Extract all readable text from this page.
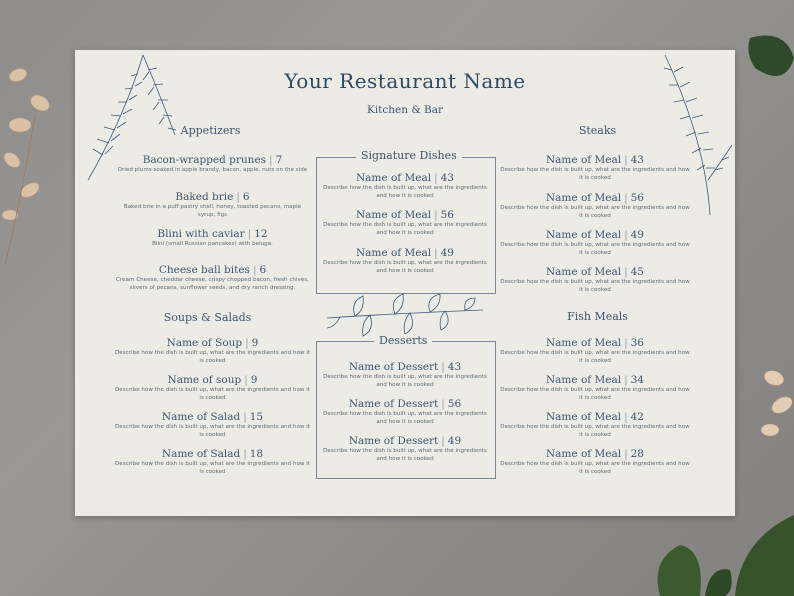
Your Restaurant Name
Kitchen & Bar
Appetizers
Bacon-wrapped prunes | 7
Dried plums soaked in apple brandy, bacon, apple, nuts on the side
Baked brie | 6
Baked brie in a puff pastry shell, honey, toasted pecans, maple syrup, figs
Blini with caviar | 12
Blini (small Russian pancakes) with beluga.
Cheese ball bites | 6
Cream Cheese, cheddar cheese, crispy chopped bacon, fresh chives, slivers of pecans, sunflower seeds, and dry ranch dressing.
Soups & Salads
Name of Soup | 9
Describe how the dish is built up, what are the ingredients and how it is cooked
Name of soup | 9
Describe how the dish is built up, what are the ingredients and how it is cooked
Name of Salad | 15
Describe how the dish is built up, what are the ingredients and how it is cooked
Name of Salad | 18
Describe how the dish is built up, what are the ingredients and how it is cooked
Signature Dishes
Name of Meal | 43
Describe how the dish is built up, what are the ingredients and how it is cooked
Name of Meal | 56
Describe how the dish is built up, what are the ingredients and how it is cooked
Name of Meal | 49
Describe how the dish is built up, what are the ingredients and how it is cooked
Desserts
Name of Dessert | 43
Describe how the dish is built up, what are the ingredients and how it is cooked
Name of Dessert | 56
Describe how the dish is built up, what are the ingredients and how it is cooked
Name of Dessert | 49
Describe how the dish is built up, what are the ingredients and how it is cooked
Steaks
Name of Meal | 43
Describe how the dish is built up, what are the ingredients and how it is cooked
Name of Meal | 56
Describe how the dish is built up, what are the ingredients and how it is cooked
Name of Meal | 49
Describe how the dish is built up, what are the ingredients and how it is cooked
Name of Meal | 45
Describe how the dish is built up, what are the ingredients and how it is cooked
Fish Meals
Name of Meal | 36
Describe how the dish is built up, what are the ingredients and how it is cooked
Name of Meal | 34
Describe how the dish is built up, what are the ingredients and how it is cooked
Name of Meal | 42
Describe how the dish is built up, what are the ingredients and how it is cooked
Name of Meal | 28
Describe how the dish is built up, what are the ingredients and how it is cooked
